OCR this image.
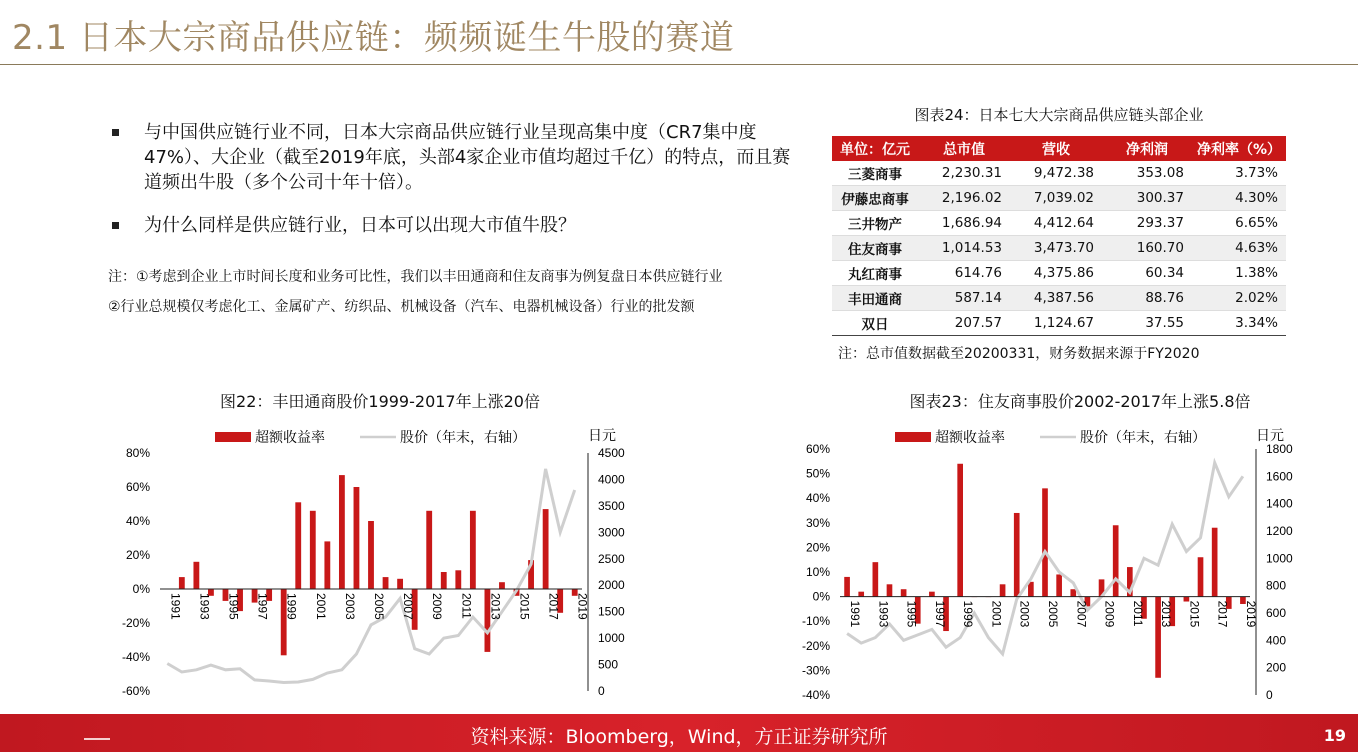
2.1 日本大宗商品供应链：频频诞生牛股的赛道
与中国供应链行业不同，日本大宗商品供应链行业呈现高集中度（CR7集中度47%）、大企业（截至2019年底，头部4家企业市值均超过千亿）的特点，而且赛道频出牛股（多个公司十年十倍）。
为什么同样是供应链行业，日本可以出现大市值牛股？
注：①考虑到企业上市时间长度和业务可比性，我们以丰田通商和住友商事为例复盘日本供应链行业
②行业总规模仅考虑化工、金属矿产、纺织品、机械设备（汽车、电器机械设备）行业的批发额
图表24：日本七大大宗商品供应链头部企业
单位：亿元	总市值	营收	净利润	净利率（%）
三菱商事	2,230.31	9,472.38	353.08	3.73%
伊藤忠商事	2,196.02	7,039.02	300.37	4.30%
三井物产	1,686.94	4,412.64	293.37	6.65%
住友商事	1,014.53	3,473.70	160.70	4.63%
丸红商事	614.76	4,375.86	60.34	1.38%
丰田通商	587.14	4,387.56	88.76	2.02%
双日	207.57	1,124.67	37.55	3.34%
注：总市值数据截至20200331，财务数据来源于FY2020
图22：丰田通商股价1999-2017年上涨20倍
超额收益率	股价（年末，右轴）	日元
80%
60%
40%
20%
0%
-20%
-40%
-60%
4500
4000
3500
3000
2500
2000
1500
1000
500
0
1991 1993 1995 1997 1999 2001 2003 2005 2007 2009 2011 2013 2015 2017 2019
图表23：住友商事股价2002-2017年上涨5.8倍
超额收益率	股价（年末，右轴）	日元
60%
50%
40%
30%
20%
10%
0%
-10%
-20%
-30%
-40%
1800
1600
1400
1200
1000
800
600
400
200
0
1991 1993 1995 1997 1999 2001 2003 2005 2007 2009 2011 2013 2015 2017 2019
资料来源：Bloomberg，Wind，方正证券研究所	19
